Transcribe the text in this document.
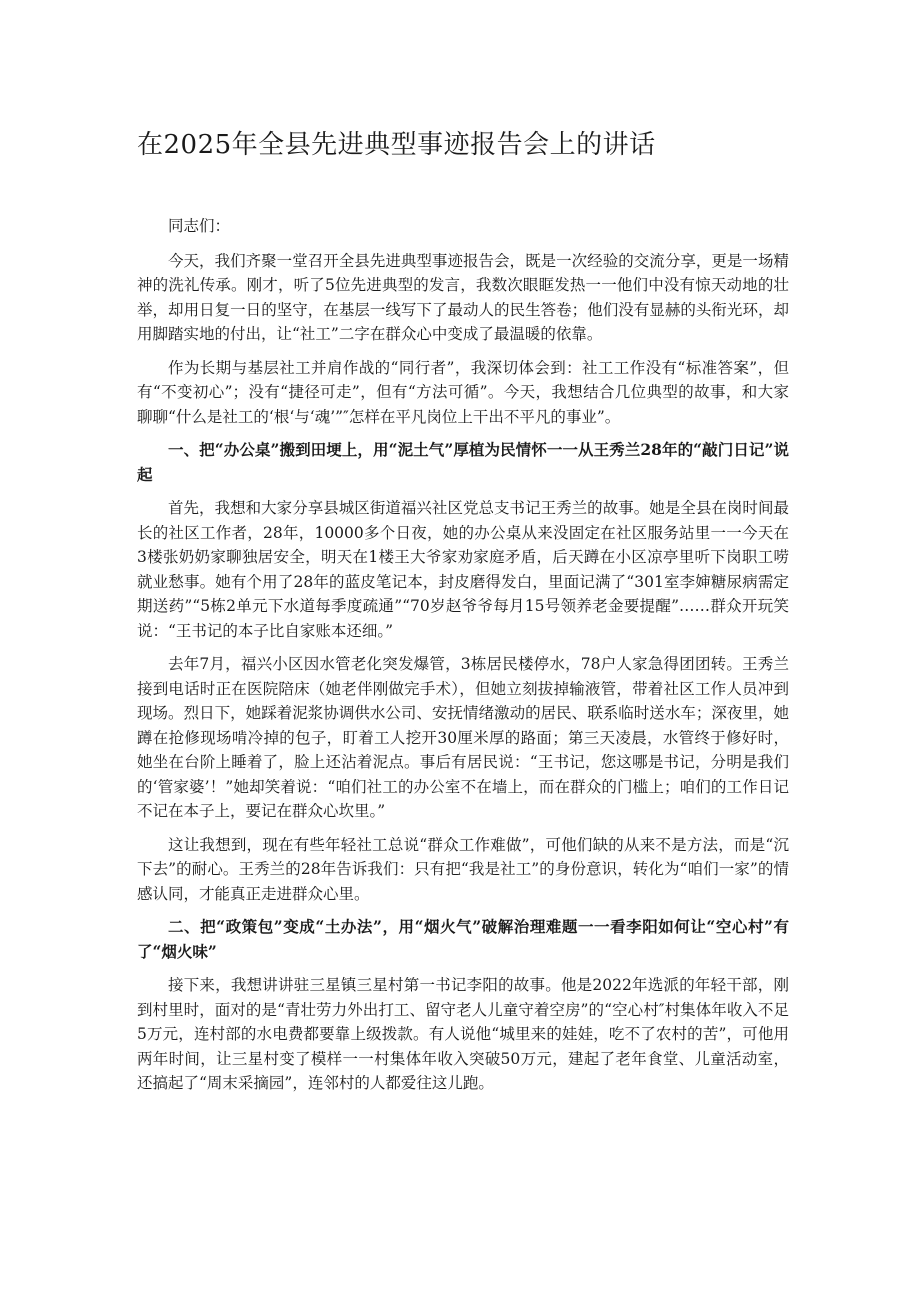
在2025年全县先进典型事迹报告会上的讲话

同志们：

今天，我们齐聚一堂召开全县先进典型事迹报告会，既是一次经验的交流分享，更是一场精神的洗礼传承。刚才，听了5位先进典型的发言，我数次眼眶发热一一他们中没有惊天动地的壮举，却用日复一日的坚守，在基层一线写下了最动人的民生答卷；他们没有显赫的头衔光环，却用脚踏实地的付出，让“社工”二字在群众心中变成了最温暖的依靠。

作为长期与基层社工并肩作战的“同行者”，我深切体会到：社工工作没有“标准答案”，但有“不变初心”；没有“捷径可走”，但有“方法可循”。今天，我想结合几位典型的故事，和大家聊聊“什么是社工的‘根‘与‘魂’”″怎样在平凡岗位上干出不平凡的事业”。

一、把“办公桌”搬到田埂上，用“泥土气”厚植为民情怀一一从王秀兰28年的“敲门日记”说起

首先，我想和大家分享县城区街道福兴社区党总支书记王秀兰的故事。她是全县在岗时间最长的社区工作者，28年，10000多个日夜，她的办公桌从来没固定在社区服务站里一一今天在3楼张奶奶家聊独居安全，明天在1楼王大爷家劝家庭矛盾，后天蹲在小区凉亭里听下岗职工唠就业愁事。她有个用了28年的蓝皮笔记本，封皮磨得发白，里面记满了“301室李婶糖尿病需定期送药”“5栋2单元下水道每季度疏通”“70岁赵爷爷每月15号领养老金要提醒”……群众开玩笑说：“王书记的本子比自家账本还细。”

去年7月，福兴小区因水管老化突发爆管，3栋居民楼停水，78户人家急得团团转。王秀兰接到电话时正在医院陪床（她老伴刚做完手术），但她立刻拔掉输液管，带着社区工作人员冲到现场。烈日下，她踩着泥浆协调供水公司、安抚情绪激动的居民、联系临时送水车；深夜里，她蹲在抢修现场啃冷掉的包子，盯着工人挖开30厘米厚的路面；第三天凌晨，水管终于修好时，她坐在台阶上睡着了，脸上还沾着泥点。事后有居民说：“王书记，您这哪是书记，分明是我们的‘管家婆’！”她却笑着说：“咱们社工的办公室不在墙上，而在群众的门槛上；咱们的工作日记不记在本子上，要记在群众心坎里。”

这让我想到，现在有些年轻社工总说“群众工作难做”，可他们缺的从来不是方法，而是“沉下去”的耐心。王秀兰的28年告诉我们：只有把“我是社工”的身份意识，转化为“咱们一家”的情感认同，才能真正走进群众心里。

二、把“政策包”变成“土办法”，用“烟火气”破解治理难题一一看李阳如何让“空心村”有了“烟火味”

接下来，我想讲讲驻三星镇三星村第一书记李阳的故事。他是2022年选派的年轻干部，刚到村里时，面对的是“青壮劳力外出打工、留守老人儿童守着空房”的“空心村″村集体年收入不足5万元，连村部的水电费都要靠上级拨款。有人说他“城里来的娃娃，吃不了农村的苦”，可他用两年时间，让三星村变了模样一一村集体年收入突破50万元，建起了老年食堂、儿童活动室，还搞起了“周末采摘园”，连邻村的人都爱往这儿跑。
